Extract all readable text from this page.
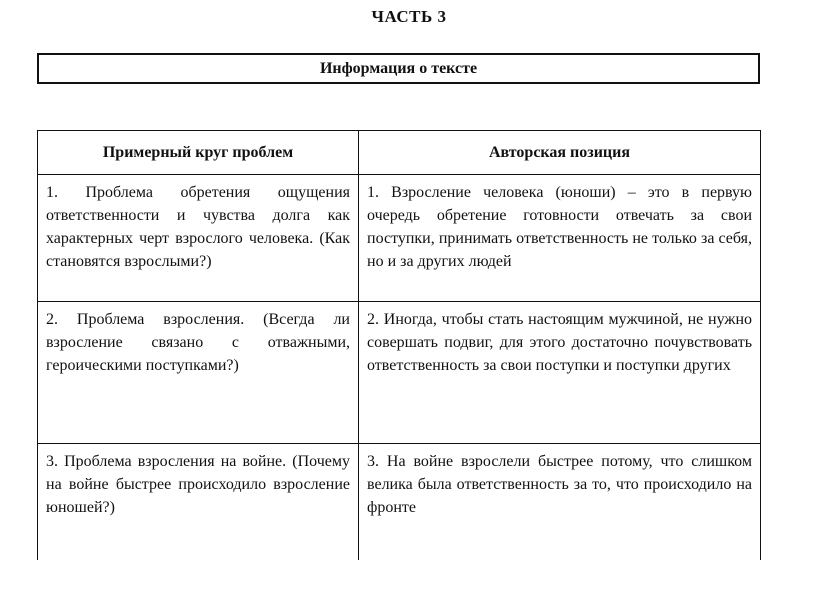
ЧАСТЬ 3
Информация о тексте
Примерный круг проблем	Авторская позиция
1. Проблема обретения ощущения ответственности и чувства долга как характерных черт взрослого человека. (Как становятся взрослыми?)	1. Взросление человека (юноши) – это в первую очередь обретение готовности отвечать за свои поступки, принимать ответственность не только за себя, но и за других людей
2. Проблема взросления. (Всегда ли взросление связано с отважными, героическими поступками?)	2. Иногда, чтобы стать настоящим мужчиной, не нужно совершать подвиг, для этого достаточно почувствовать ответственность за свои поступки и поступки других
3. Проблема взросления на войне. (Почему на войне быстрее происходило взросление юношей?)	3. На войне взрослели быстрее потому, что слишком велика была ответственность за то, что происходило на фронте
